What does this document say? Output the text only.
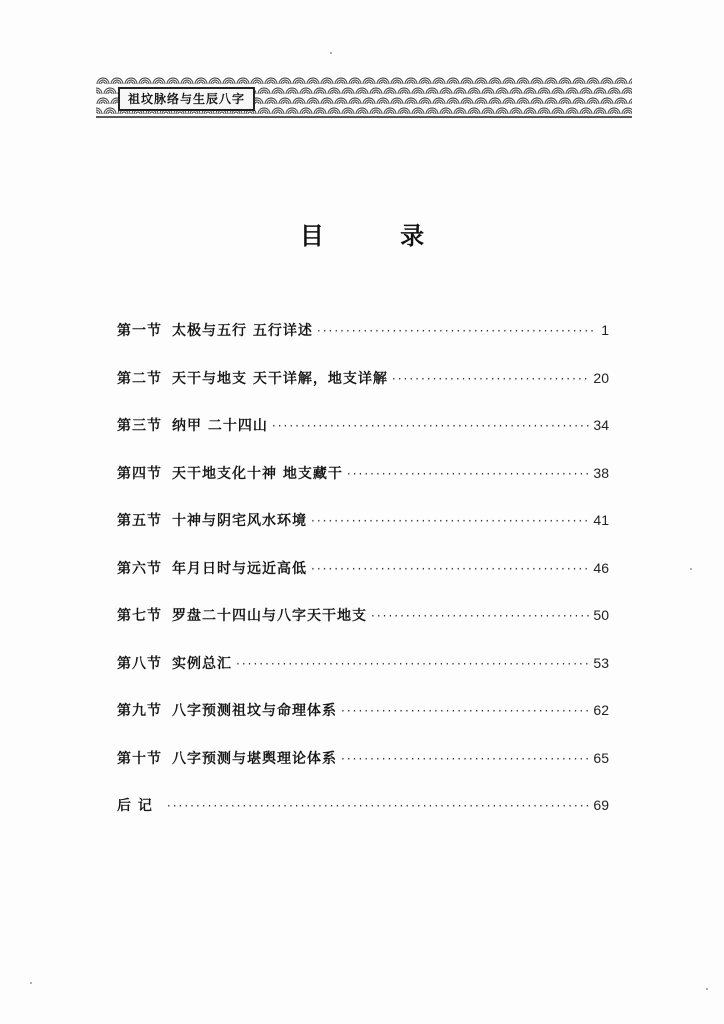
祖坟脉络与生辰八字
目 录
第一节 太极与五行 五行详述 ·····	1
第二节 天干与地支 天干详解，地支详解 ·····	20
第三节 纳甲 二十四山 ·····	34
第四节 天干地支化十神 地支藏干 ·····	38
第五节 十神与阴宅风水环境 ·····	41
第六节 年月日时与远近高低 ·····	46
第七节 罗盘二十四山与八字天干地支 ·····	50
第八节 实例总汇 ·····	53
第九节 八字预测祖坟与命理体系 ·····	62
第十节 八字预测与堪舆理论体系 ·····	65
后 记 ·····	69
